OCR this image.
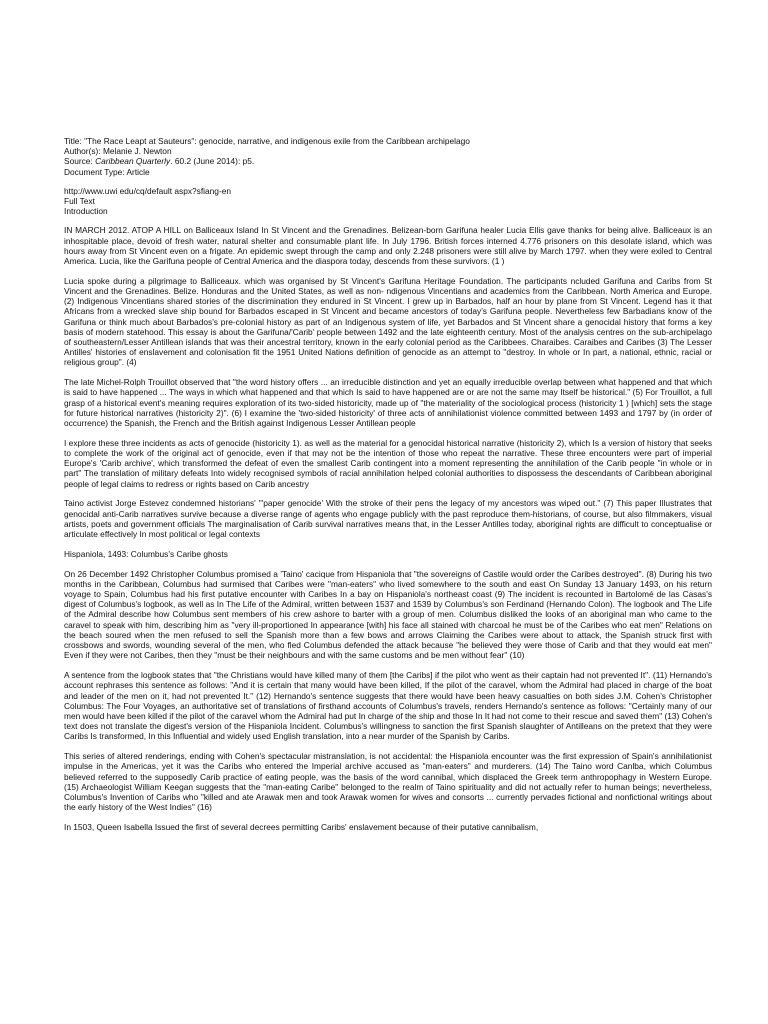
Title: "The Race Leapt at Sauteurs": genocide, narrative, and indigenous exile from the Caribbean archipelago

Author(s): Melanie J. Newton

Source: Caribbean Quarterly. 60.2 (June 2014): p5.

Document Type: Article

http://www.uwi edu/cq/default aspx?sfiang-en

Full Text

Introduction

IN MARCH 2012. ATOP A HILL on Balliceaux Island In St Vincent and the Grenadines. Belizean-born Garifuna healer Lucia Ellis gave thanks for being alive. Balliceaux is an inhospitable place, devoid of fresh water, natural shelter and consumable plant life. In July 1796. British forces interned 4.776 prisoners on this desolate island, which was hours away from St Vincent even on a frigate. An epidemic swept through the camp and only 2.248 prisoners were still alive by March 1797. when they were exiled to Central America. Lucia, like the Garifuna people of Central America and the diaspora today, descends from these survivors. (1 )

Lucia spoke during a pilgrimage to Balliceaux. which was organised by St Vincent's Garifuna Heritage Foundation. The participants ncluded Garifuna and Caribs from St Vincent and the Grenadines. Belize. Honduras and the United States, as well as non- ndigenous Vincentians and academics from the Caribbean. North America and Europe. (2) Indigenous Vincentians shared stories of the discrimination they endured in St Vincent. I grew up in Barbados, half an hour by plane from St Vincent. Legend has it that Africans from a wrecked slave ship bound for Barbados escaped in St Vincent and became ancestors of today's Garifuna people. Nevertheless few Barbadians know of the Garifuna or think much about Barbados's pre-colonial history as part of an Indigenous system of life, yet Barbados and St Vincent share a genocidal history that forms a key basis of modern statehood. This essay is about the Garifuna/'Carib' people between 1492 and the late eighteenth century. Most of the analysis centres on the sub-archipelago of southeastern/Lesser Antillean islands that was their ancestral territory, known in the early colonial period as the Caribbees. Charaibes. Caraibes and Caribes (3) The Lesser Antilles' histories of enslavement and colonisation fit the 1951 United Nations definition of genocide as an attempt to "destroy. In whole or In part, a national, ethnic, racial or religious group". (4)

The late Michel-Rolph Trouillot observed that "the word history offers ... an irreducible distinction and yet an equally irreducible overlap between what happened and that which is said to have happened ... The ways in which what happened and that which Is said to have happened are or are not the same may Itself be historical." (5) For Trouillot, a full grasp of a historical event's meaning requires exploration of its two-sided historicity, made up of "the materiality of the sociological process (historicity 1 ) [which] sets the stage for future historical narratives (historicity 2)". (6) I examine the 'two-sided historicity' of three acts of annihilationist violence committed between 1493 and 1797 by (in order of occurrence) the Spanish, the French and the British against Indigenous Lesser Antillean people

I explore these three incidents as acts of genocide (historicity 1). as well as the material for a genocidal historical narrative (historicity 2), which Is a version of history that seeks to complete the work of the original act of genocide, even if that may not be the intention of those who repeat the narrative. These three encounters were part of imperial Europe's 'Carib archive', which transformed the defeat of even the smallest Carib contingent into a moment representing the annihilation of the Carib people "in whole or in part" The translation of military defeats Into widely recognised symbols of racial annihilation helped colonial authorities to dispossess the descendants of Caribbean aboriginal people of legal claims to redress or rights based on Carib ancestry

Taino activist Jorge Estevez condemned historians' "'paper genocide' With the stroke of their pens the legacy of my ancestors was wiped out." (7) This paper Illustrates that genocidal anti-Carib narratives survive because a diverse range of agents who engage publicly with the past reproduce them-historians, of course, but also filmmakers, visual artists, poets and government officials The marginalisation of Carib survival narratives means that, in the Lesser Antilles today, aboriginal rights are difficult to conceptualise or articulate effectively In most political or legal contexts

Hispaniola, 1493: Columbus's Caribe ghosts

On 26 December 1492 Christopher Columbus promised a 'Taino' cacique from Hispaniola that "the sovereigns of Castile would order the Caribes destroyed". (8) During his two months in the Caribbean, Columbus had surmised that Caribes were "man-eaters" who lived somewhere to the south and east On Sunday 13 January 1493, on his return voyage to Spain, Columbus had his first putative encounter with Caribes In a bay on Hispaniola's northeast coast (9) The incident is recounted in Bartolomé de las Casas's digest of Columbus's logbook, as well as In The Life of the Admiral, written between 1537 and 1539 by Columbus's son Ferdinand (Hernando Colon). The logbook and The Life of the Admiral describe how Columbus sent members of his crew ashore to barter with a group of men. Columbus disliked the looks of an aboriginal man who came to the caravel to speak with him, describing him as "very ill-proportioned In appearance [with] his face all stained with charcoal he must be of the Caribes who eat men" Relations on the beach soured when the men refused to sell the Spanish more than a few bows and arrows Claiming the Caribes were about to attack, the Spanish struck first with crossbows and swords, wounding several of the men, who fled Columbus defended the attack because "he believed they were those of Carib and that they would eat men" Even if they were not Caribes, then they "must be their neighbours and with the same customs and be men without fear" (10)

A sentence from the logbook states that "the Christians would have killed many of them [the Caribs] if the pilot who went as their captain had not prevented It". (11) Hernando's account rephrases this sentence as follows: "And it is certain that many would have been killed, If the pilot of the caravel, whom the Admiral had placed in charge of the boat and leader of the men on it, had not prevented It." (12) Hernando's sentence suggests that there would have been heavy casualties on both sides J.M. Cohen's Christopher Columbus: The Four Voyages, an authoritative set of translations of firsthand accounts of Columbus's travels, renders Hernando's sentence as follows: "Certainly many of our men would have been killed if the pilot of the caravel whom the Admiral had put In charge of the ship and those In It had not come to their rescue and saved them" (13) Cohen's text does not translate the digest's version of the Hispaniola Incident. Columbus's willingness to sanction the first Spanish slaughter of Antilleans on the pretext that they were Caribs Is transformed, In this Influential and widely used English translation, into a near murder of the Spanish by Caribs.

This series of altered renderings, ending with Cohen's spectacular mistranslation, is not accidental: the Hispaniola encounter was the first expression of Spain's annihilationist impulse in the Americas, yet it was the Caribs who entered the Imperial archive accused as "man-eaters" and murderers. (14) The Taino word Canlba, which Columbus believed referred to the supposedly Carib practice of eating people, was the basis of the word cannibal, which displaced the Greek term anthropophagy in Western Europe. (15) Archaeologist William Keegan suggests that the "man-eating Caribe" belonged to the realm of Taino spirituality and did not actually refer to human beings; nevertheless, Columbus's Invention of Caribs who "killed and ate Arawak men and took Arawak women for wives and consorts ... currently pervades fictional and nonfictional writings about the early history of the West Indies" (16)

In 1503, Queen Isabella Issued the first of several decrees permitting Caribs' enslavement because of their putative cannibalism,
